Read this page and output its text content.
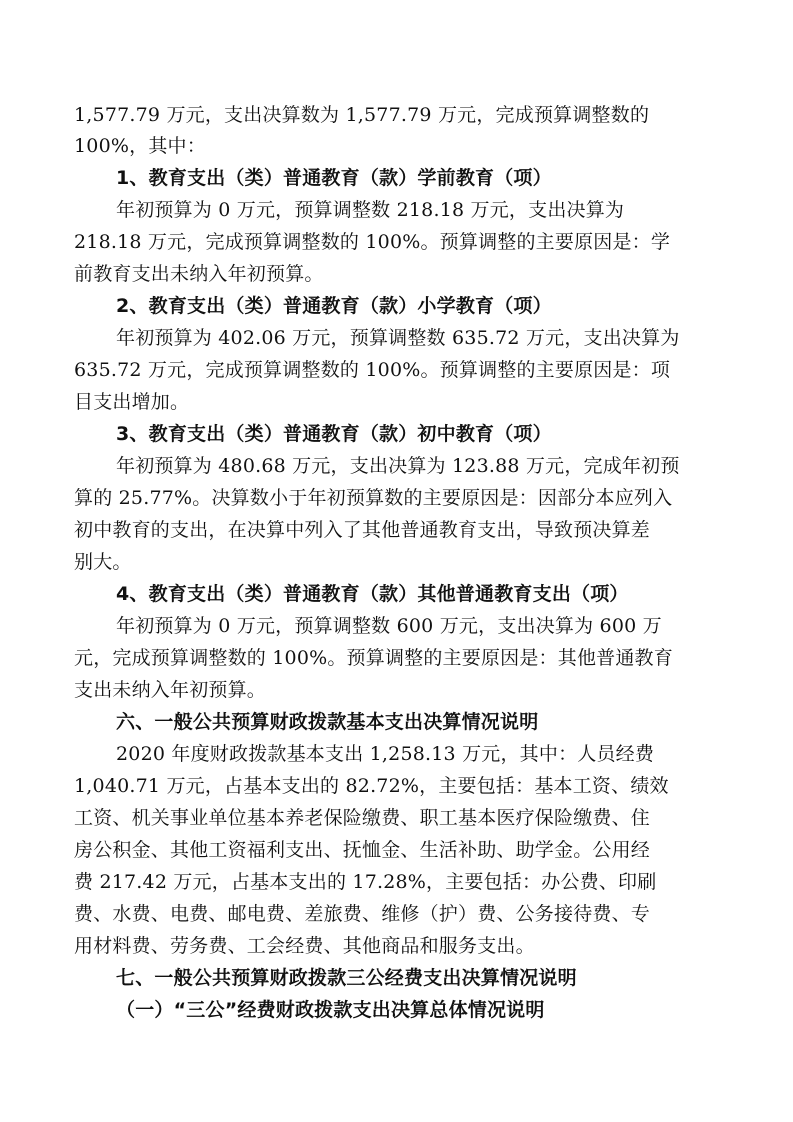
1,577.79 万元，支出决算数为 1,577.79 万元，完成预算调整数的
100%，其中：
1、教育支出（类）普通教育（款）学前教育（项）
年初预算为 0 万元，预算调整数 218.18 万元，支出决算为
218.18 万元，完成预算调整数的 100%。预算调整的主要原因是：学
前教育支出未纳入年初预算。
2、教育支出（类）普通教育（款）小学教育（项）
年初预算为 402.06 万元，预算调整数 635.72 万元，支出决算为
635.72 万元，完成预算调整数的 100%。预算调整的主要原因是：项
目支出增加。
3、教育支出（类）普通教育（款）初中教育（项）
年初预算为 480.68 万元，支出决算为 123.88 万元，完成年初预
算的 25.77%。决算数小于年初预算数的主要原因是：因部分本应列入
初中教育的支出，在决算中列入了其他普通教育支出，导致预决算差
别大。
4、教育支出（类）普通教育（款）其他普通教育支出（项）
年初预算为 0 万元，预算调整数 600 万元，支出决算为 600 万
元，完成预算调整数的 100%。预算调整的主要原因是：其他普通教育
支出未纳入年初预算。
六、一般公共预算财政拨款基本支出决算情况说明
2020 年度财政拨款基本支出 1,258.13 万元，其中：人员经费
1,040.71 万元，占基本支出的 82.72%，主要包括：基本工资、绩效
工资、机关事业单位基本养老保险缴费、职工基本医疗保险缴费、住
房公积金、其他工资福利支出、抚恤金、生活补助、助学金。公用经
费 217.42 万元，占基本支出的 17.28%，主要包括：办公费、印刷
费、水费、电费、邮电费、差旅费、维修（护）费、公务接待费、专
用材料费、劳务费、工会经费、其他商品和服务支出。
七、一般公共预算财政拨款三公经费支出决算情况说明
（一）“三公”经费财政拨款支出决算总体情况说明
